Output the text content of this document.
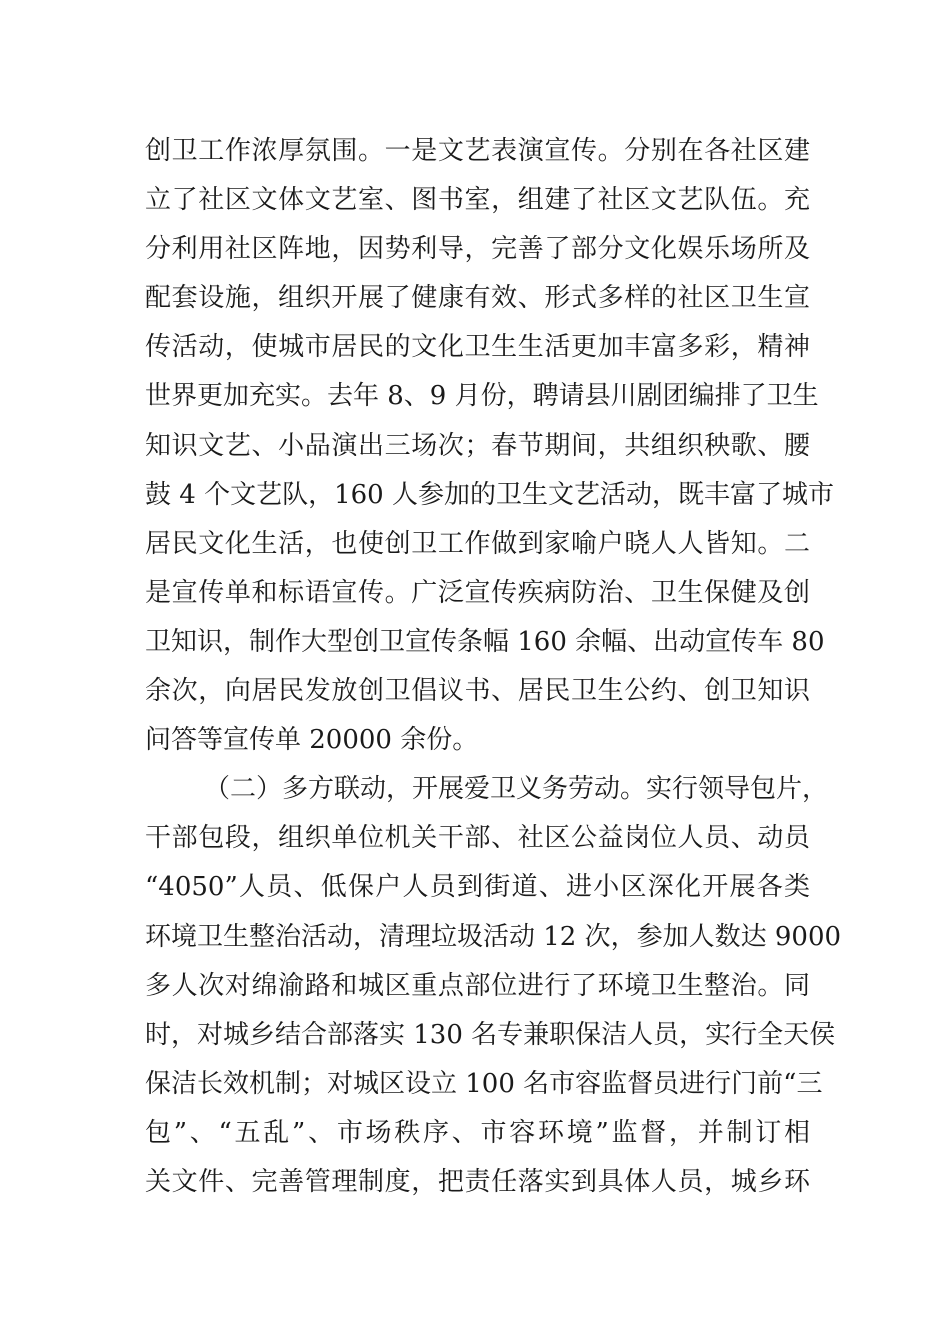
创卫工作浓厚氛围。一是文艺表演宣传。分别在各社区建
立了社区文体文艺室、图书室，组建了社区文艺队伍。充
分利用社区阵地，因势利导，完善了部分文化娱乐场所及
配套设施，组织开展了健康有效、形式多样的社区卫生宣
传活动，使城市居民的文化卫生生活更加丰富多彩，精神
世界更加充实。去年 8、9 月份，聘请县川剧团编排了卫生
知识文艺、小品演出三场次；春节期间，共组织秧歌、腰
鼓 4 个文艺队，160 人参加的卫生文艺活动，既丰富了城市
居民文化生活，也使创卫工作做到家喻户晓人人皆知。二
是宣传单和标语宣传。广泛宣传疾病防治、卫生保健及创
卫知识，制作大型创卫宣传条幅 160 余幅、出动宣传车 80
余次，向居民发放创卫倡议书、居民卫生公约、创卫知识
问答等宣传单 20000 余份。
（二）多方联动，开展爱卫义务劳动。实行领导包片，
干部包段，组织单位机关干部、社区公益岗位人员、动员
“4050”人员、低保户人员到街道、进小区深化开展各类
环境卫生整治活动，清理垃圾活动 12 次，参加人数达 9000
多人次对绵渝路和城区重点部位进行了环境卫生整治。同
时，对城乡结合部落实 130 名专兼职保洁人员，实行全天侯
保洁长效机制；对城区设立 100 名市容监督员进行门前“三
包”、“五乱”、市场秩序、市容环境”监督，并制订相
关文件、完善管理制度，把责任落实到具体人员，城乡环
